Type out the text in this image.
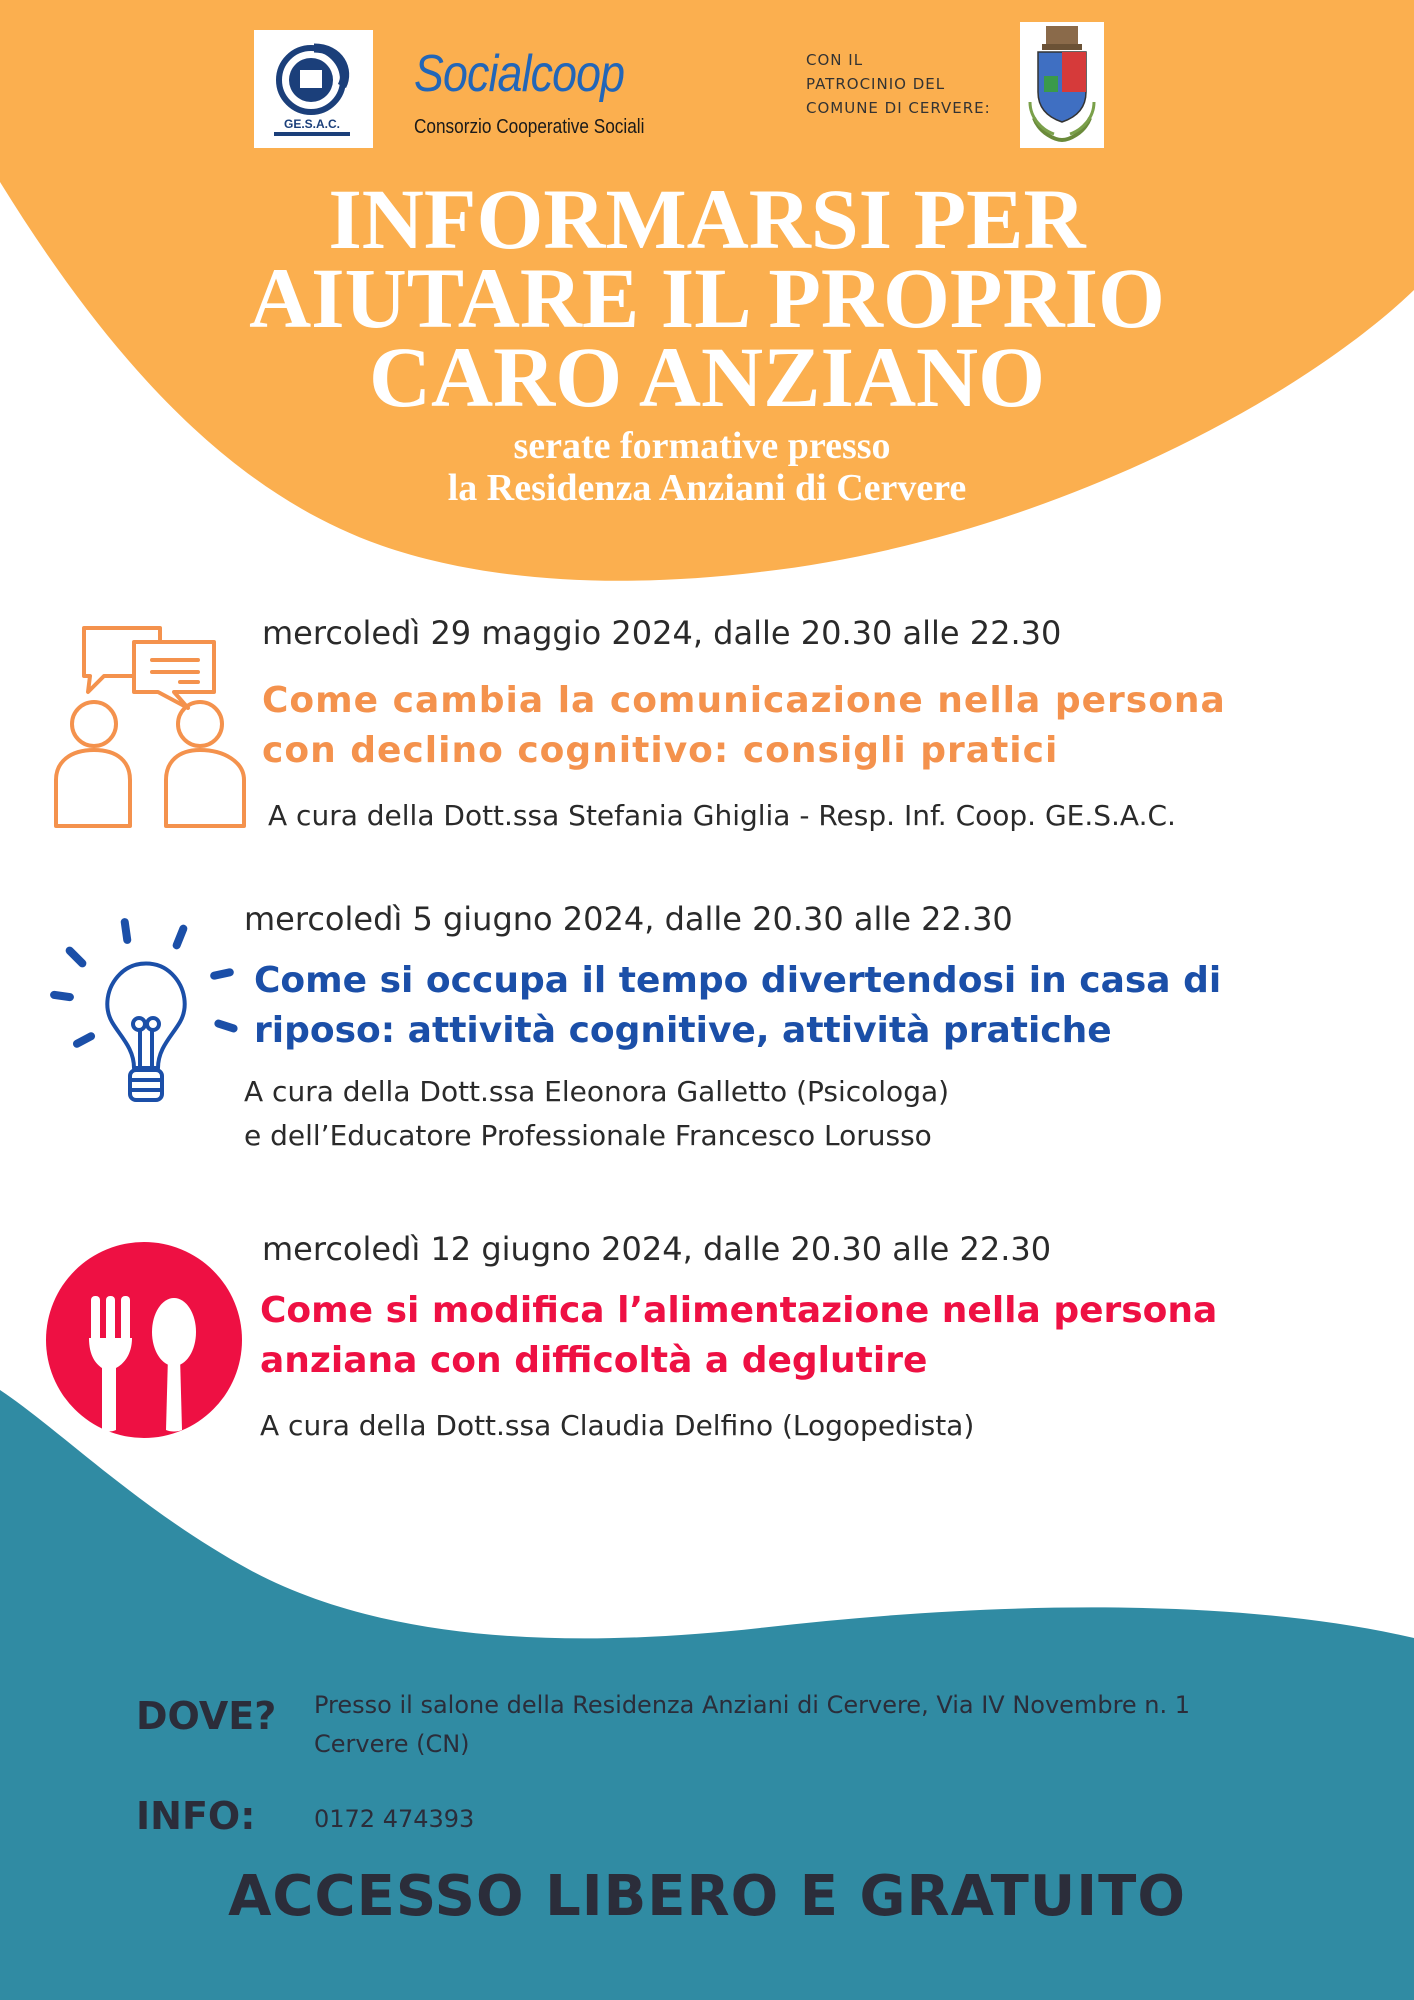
GE.S.A.C.
Socialcoop
Consorzio Cooperative Sociali
CON IL
PATROCINIO DEL
COMUNE DI CERVERE:
INFORMARSI PER
AIUTARE IL PROPRIO
CARO ANZIANO
serate formative presso
la Residenza Anziani di Cervere
mercoledì 29 maggio 2024, dalle 20.30 alle 22.30
Come cambia la comunicazione nella persona
con declino cognitivo: consigli pratici
A cura della Dott.ssa Stefania Ghiglia - Resp. Inf. Coop. GE.S.A.C.
mercoledì 5 giugno 2024, dalle 20.30 alle 22.30
Come si occupa il tempo divertendosi in casa di
riposo: attività cognitive, attività pratiche
A cura della Dott.ssa Eleonora Galletto (Psicologa)
e dell’Educatore Professionale Francesco Lorusso
mercoledì 12 giugno 2024, dalle 20.30 alle 22.30
Come si modifica l’alimentazione nella persona
anziana con difficoltà a deglutire
A cura della Dott.ssa Claudia Delfino (Logopedista)
DOVE? Presso il salone della Residenza Anziani di Cervere, Via IV Novembre n. 1
Cervere (CN)
INFO: 0172 474393
ACCESSO LIBERO E GRATUITO
